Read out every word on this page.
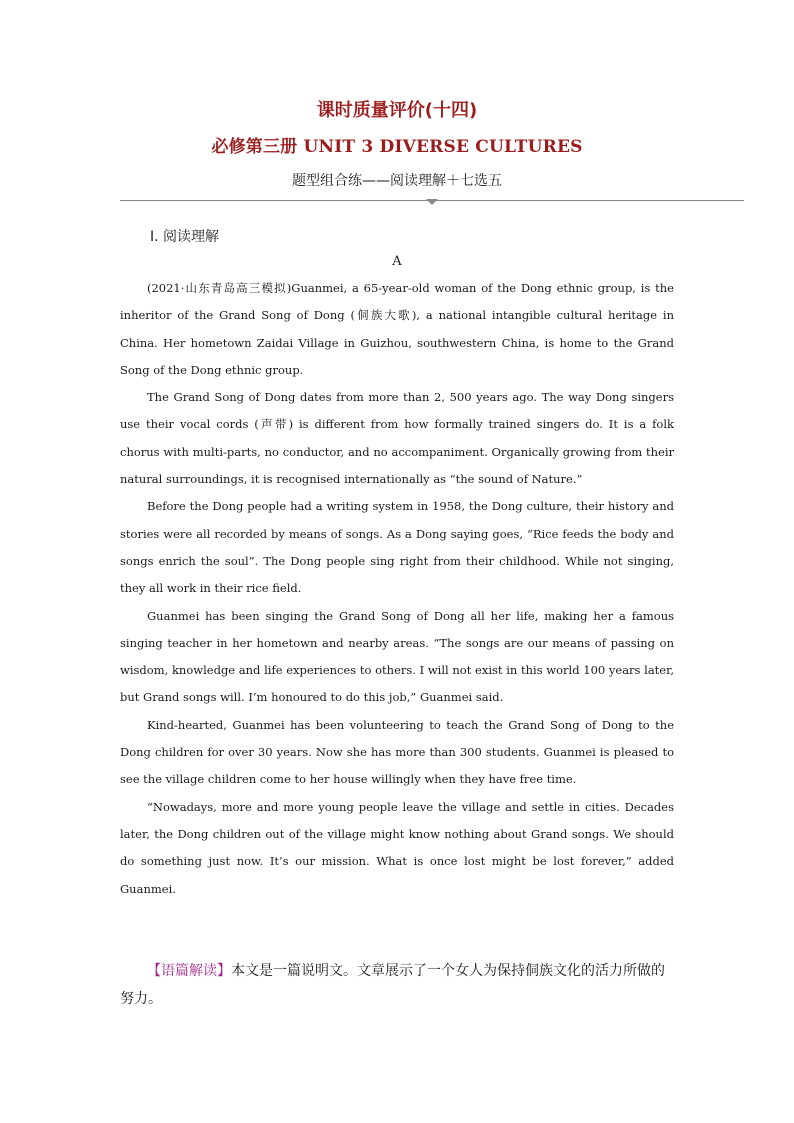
课时质量评价(十四)
必修第三册 UNIT 3 DIVERSE CULTURES
题型组合练——阅读理解＋七选五
Ⅰ. 阅读理解
A

(2021·山东青岛高三模拟)Guanmei, a 65-year-old woman of the Dong ethnic group, is the inheritor of the Grand Song of Dong (侗族大歌), a national intangible cultural heritage in China. Her hometown Zaidai Village in Guizhou, southwestern China, is home to the Grand Song of the Dong ethnic group.

The Grand Song of Dong dates from more than 2, 500 years ago. The way Dong singers use their vocal cords (声带) is different from how formally trained singers do. It is a folk chorus with multi-parts, no conductor, and no accompaniment. Organically growing from their natural surroundings, it is recognised internationally as “the sound of Nature.”

Before the Dong people had a writing system in 1958, the Dong culture, their history and stories were all recorded by means of songs. As a Dong saying goes, “Rice feeds the body and songs enrich the soul”. The Dong people sing right from their childhood. While not singing, they all work in their rice field.

Guanmei has been singing the Grand Song of Dong all her life, making her a famous singing teacher in her hometown and nearby areas. “The songs are our means of passing on wisdom, knowledge and life experiences to others. I will not exist in this world 100 years later, but Grand songs will. I’m honoured to do this job,” Guanmei said.

Kind-hearted, Guanmei has been volunteering to teach the Grand Song of Dong to the Dong children for over 30 years. Now she has more than 300 students. Guanmei is pleased to see the village children come to her house willingly when they have free time.

“Nowadays, more and more young people leave the village and settle in cities. Decades later, the Dong children out of the village might know nothing about Grand songs. We should do something just now. It’s our mission. What is once lost might be lost forever,” added Guanmei.

【语篇解读】本文是一篇说明文。文章展示了一个女人为保持侗族文化的活力所做的努力。
